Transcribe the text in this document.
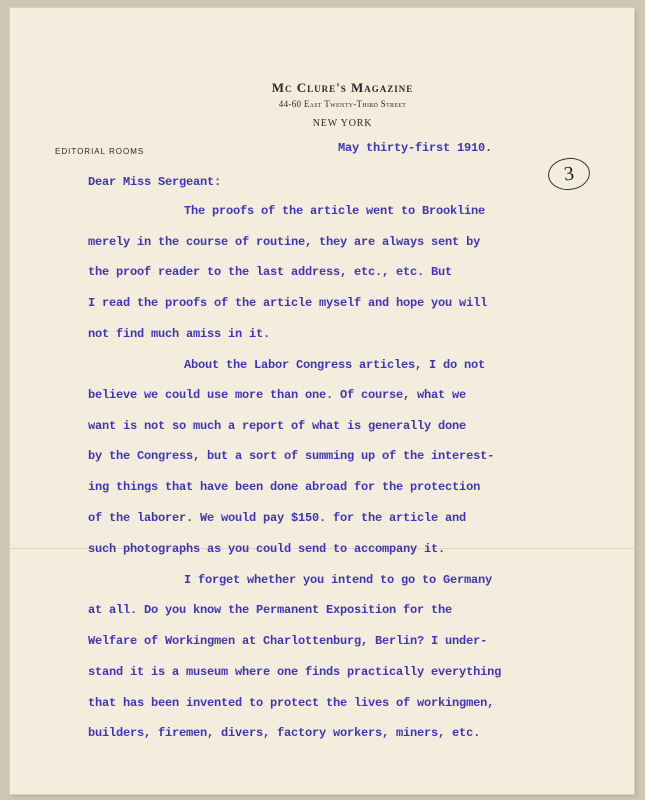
Mc Clure's Magazine
44-60 East Twenty-Third Street
NEW YORK
EDITORIAL ROOMS
3
May thirty-first 1910.
Dear Miss Sergeant:
The proofs of the article went to Brookline
merely in the course of routine, they are always sent by
the proof reader to the last address, etc., etc. But
I read the proofs of the article myself and hope you will
not find much amiss in it.
About the Labor Congress articles, I do not
believe we could use more than one. Of course, what we
want is not so much a report of what is generally done
by the Congress, but a sort of summing up of the interest-
ing things that have been done abroad for the protection
of the laborer. We would pay $150. for the article and
such photographs as you could send to accompany it.
I forget whether you intend to go to Germany
at all. Do you know the Permanent Exposition for the
Welfare of Workingmen at Charlottenburg, Berlin? I under-
stand it is a museum where one finds practically everything
that has been invented to protect the lives of workingmen,
builders, firemen, divers, factory workers, miners, etc.
